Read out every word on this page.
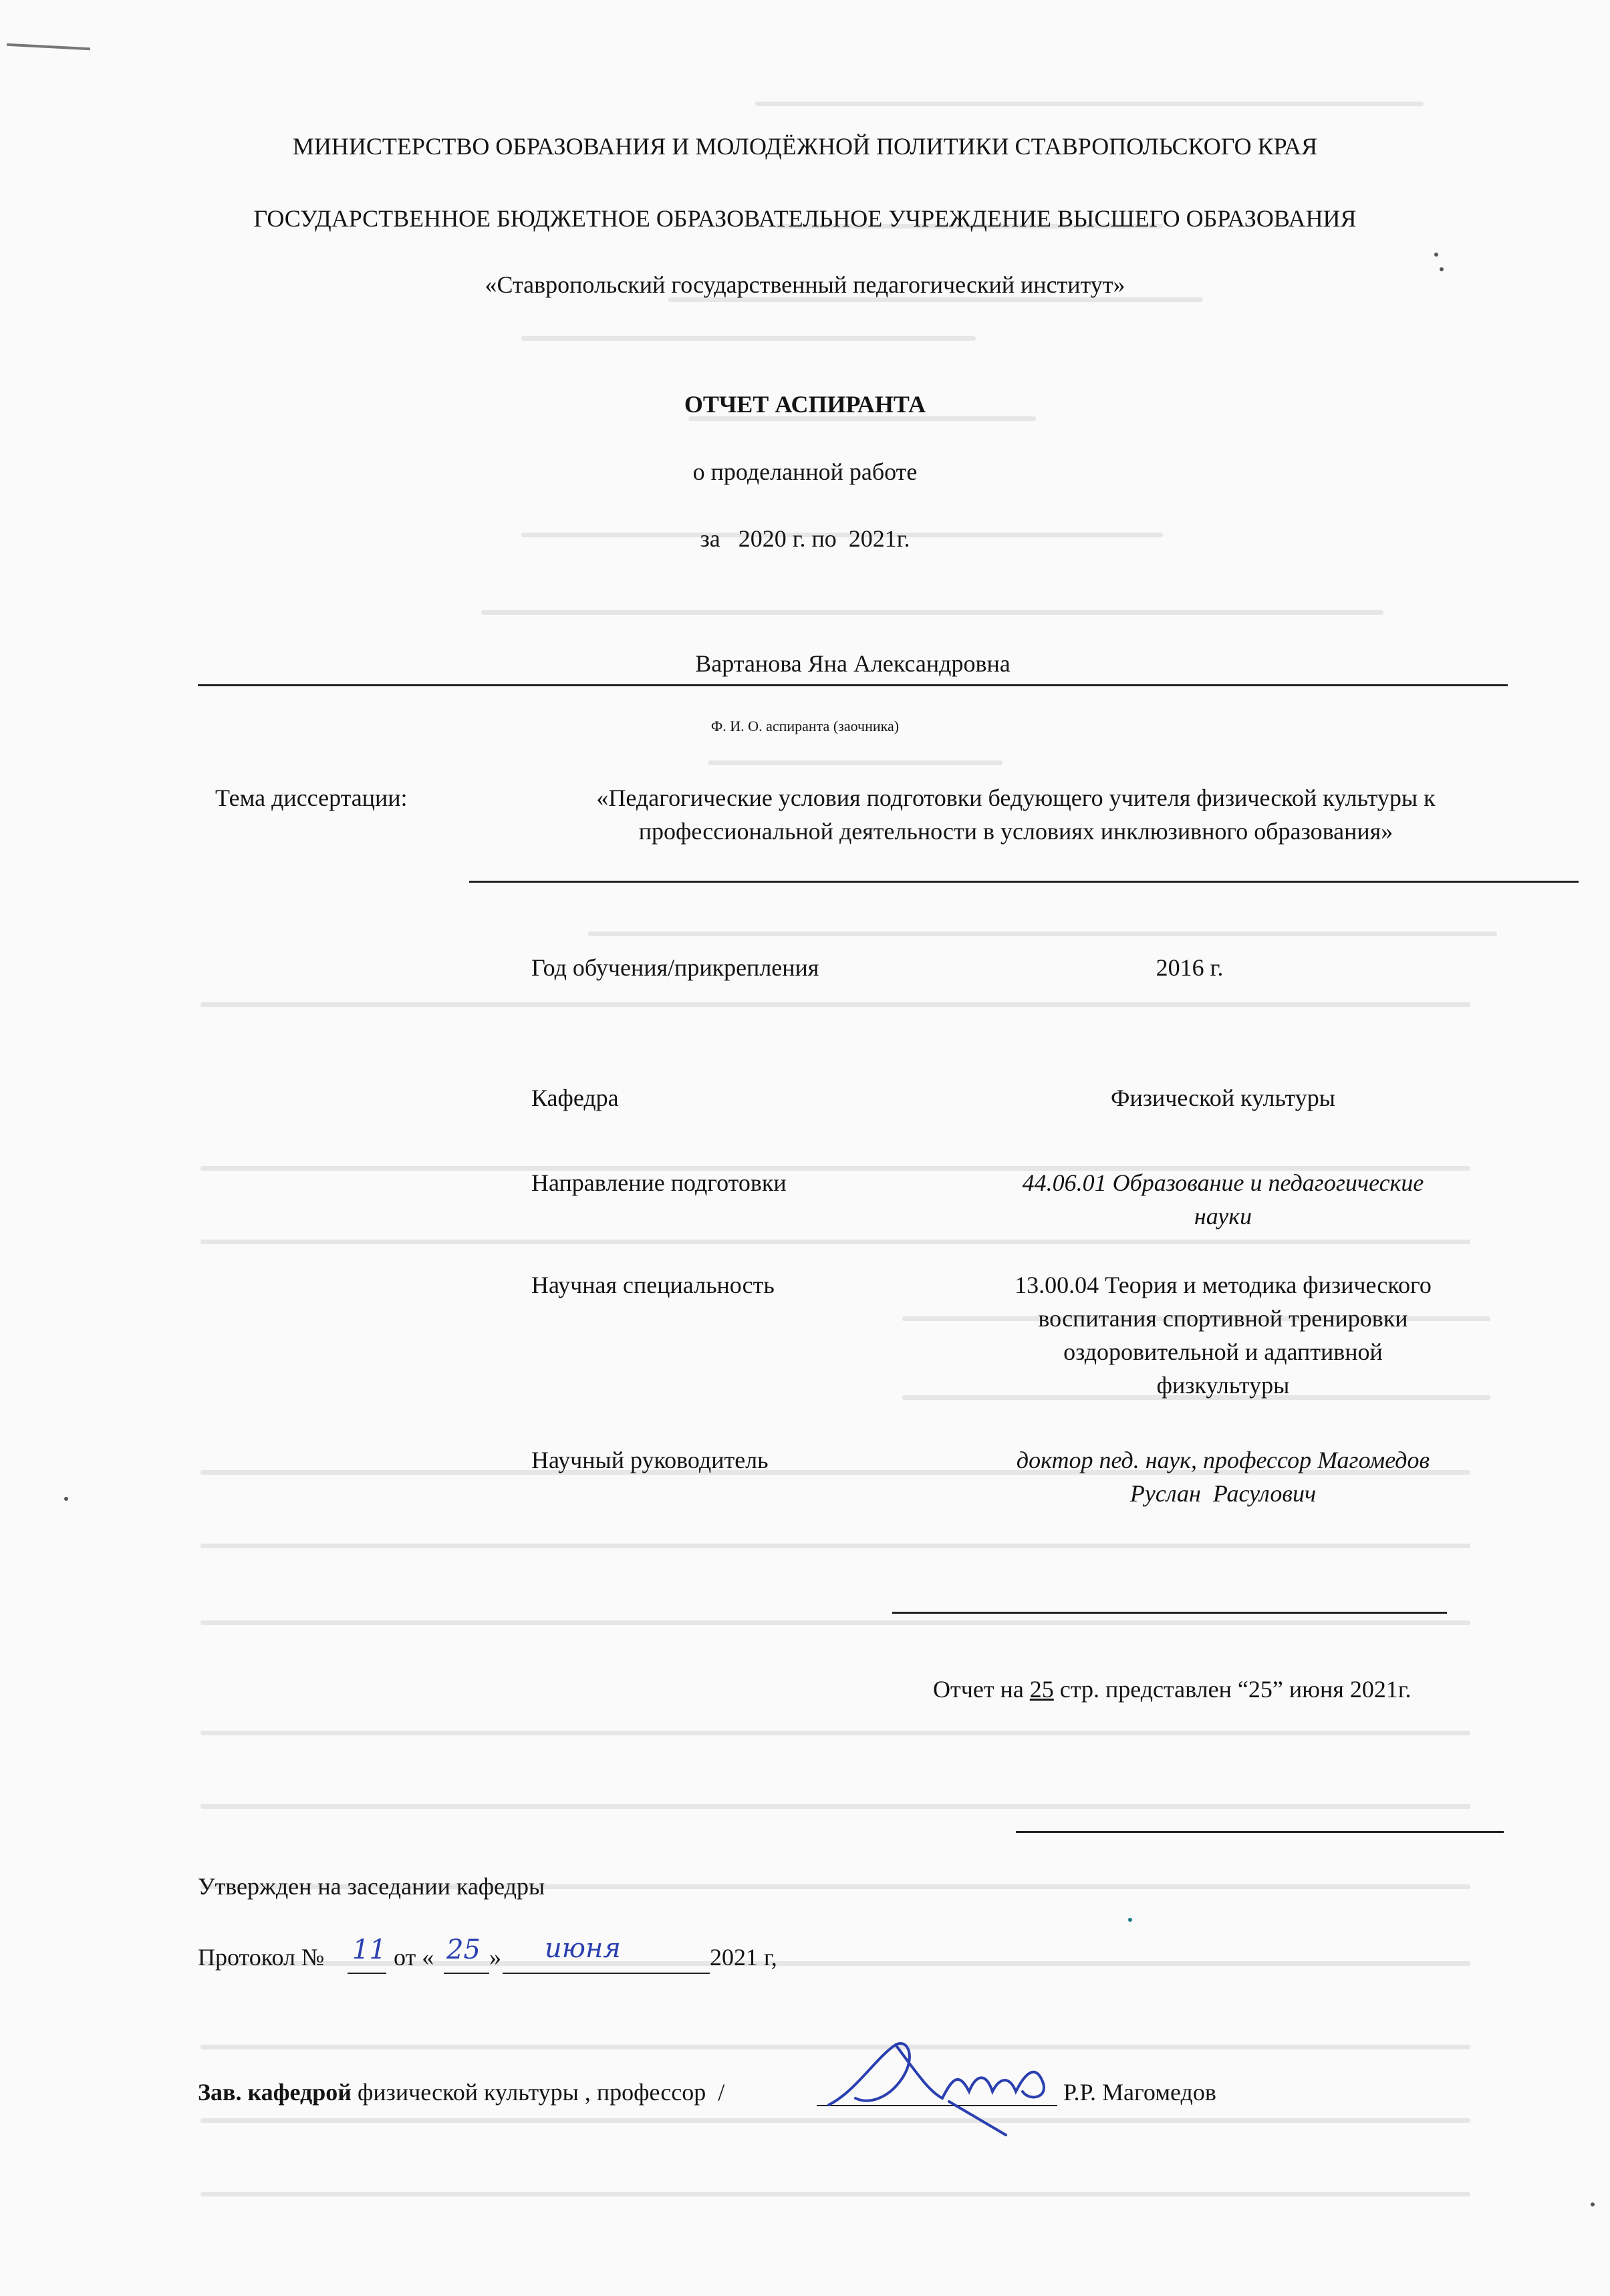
МИНИСТЕРСТВО ОБРАЗОВАНИЯ И МОЛОДЁЖНОЙ ПОЛИТИКИ СТАВРОПОЛЬСКОГО КРАЯ
ГОСУДАРСТВЕННОЕ БЮДЖЕТНОЕ ОБРАЗОВАТЕЛЬНОЕ УЧРЕЖДЕНИЕ ВЫСШЕГО ОБРАЗОВАНИЯ
«Ставропольский государственный педагогический институт»
ОТЧЕТ АСПИРАНТА
о проделанной работе
за   2020 г. по  2021г.
Вартанова Яна Александровна
Ф. И. О. аспиранта (заочника)
Тема диссертации:	«Педагогические условия подготовки бедующего учителя физической культуры к
профессиональной деятельности в условиях инклюзивного образования»
Год обучения/прикрепления	2016 г.
Кафедра	Физической культуры
Направление подготовки	44.06.01 Образование и педагогические
науки
Научная специальность	13.00.04 Теория и методика физического
воспитания спортивной тренировки
оздоровительной и адаптивной
физкультуры
Научный руководитель	доктор пед. наук, профессор Магомедов
Руслан  Расулович
Отчет на 25 стр. представлен “25” июня 2021г.
Утвержден на заседании кафедры
Протокол № 11 от « 25 » июня	2021 г,
Зав. кафедрой физической культуры , профессор  /	Р.Р. Магомедов
